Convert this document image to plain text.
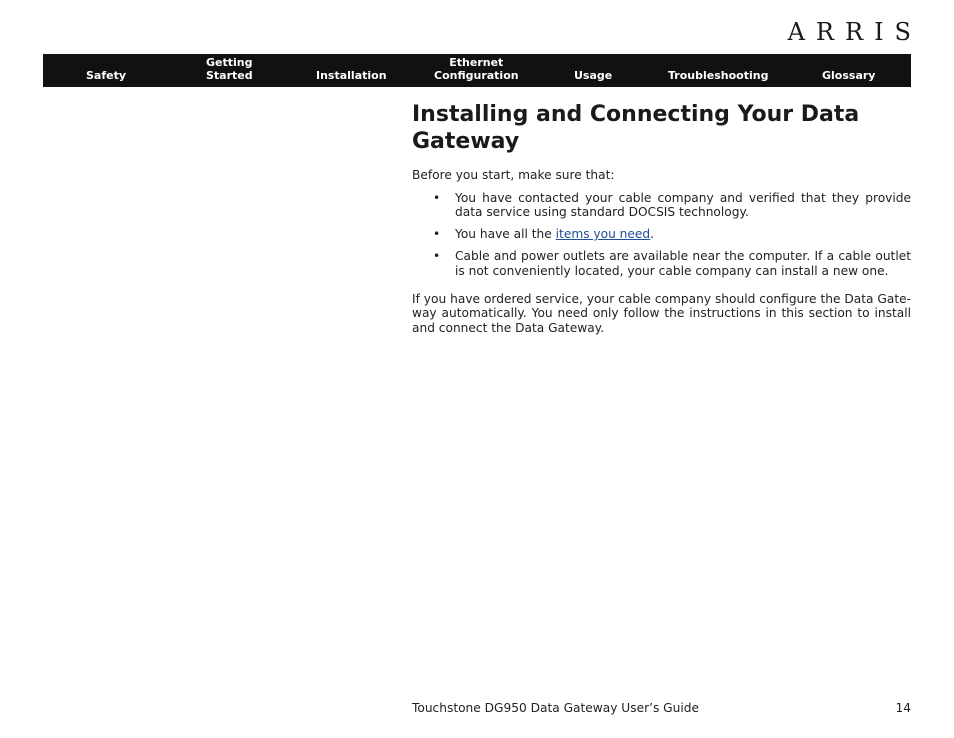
ARRIS
Safety
Getting
Started	Installation
Ethernet
Configuration	Usage	Troubleshooting	Glossary
Installing and Connecting Your Data Gateway

Before you start, make sure that:

• You have contacted your cable company and verified that they provide data service using standard DOCSIS technology.
• You have all the items you need.
• Cable and power outlets are available near the computer. If a cable outlet is not conveniently located, your cable company can install a new one.

If you have ordered service, your cable company should configure the Data Gate-way automatically. You need only follow the instructions in this section to install and connect the Data Gateway.

Touchstone DG950 Data Gateway User’s Guide	14
